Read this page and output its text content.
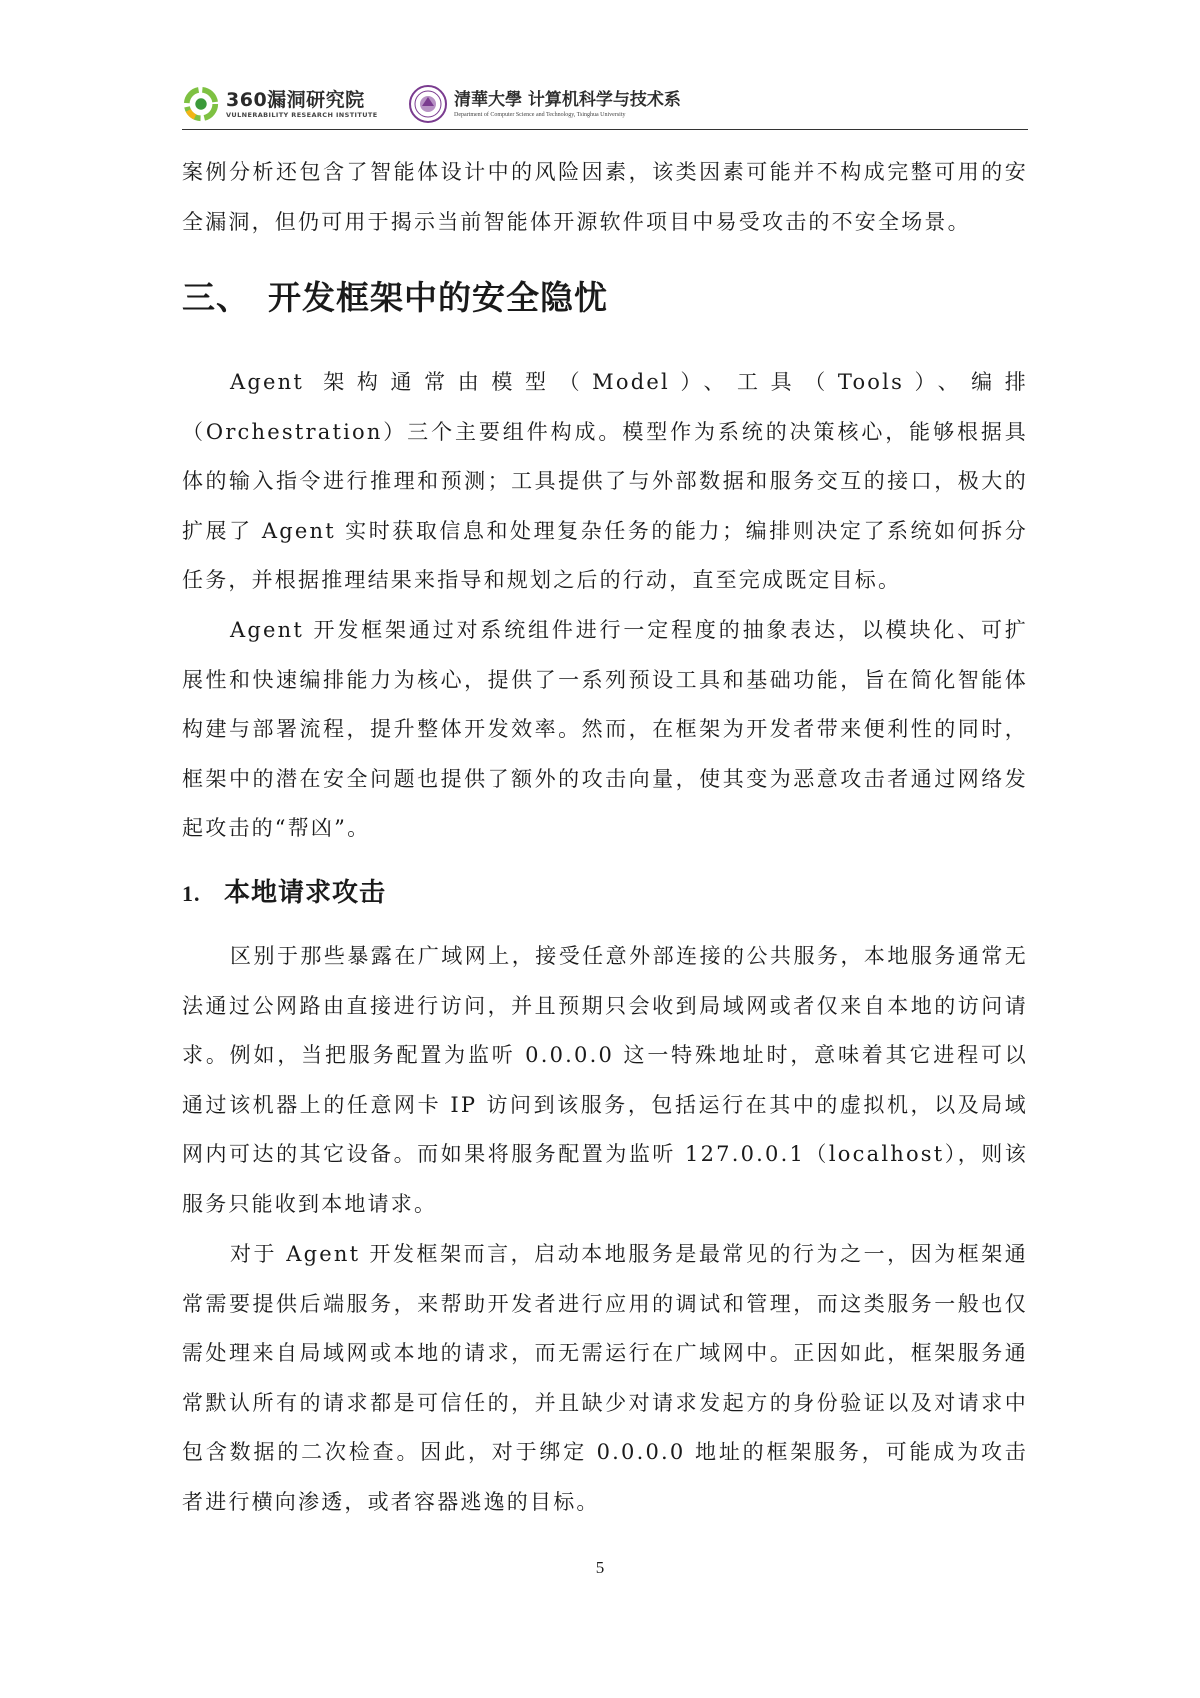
360漏洞研究院
VULNERABILITY RESEARCH INSTITUTE
清華大學 计算机科学与技术系
Department of Computer Science and Technology, Tsinghua University

案例分析还包含了智能体设计中的风险因素，该类因素可能并不构成完整可用的安全漏洞，但仍可用于揭示当前智能体开源软件项目中易受攻击的不安全场景。

三、 开发框架中的安全隐忧

Agent 架构通常由模型（Model）、工具（Tools）、编排（Orchestration）三个主要组件构成。模型作为系统的决策核心，能够根据具体的输入指令进行推理和预测；工具提供了与外部数据和服务交互的接口，极大的扩展了 Agent 实时获取信息和处理复杂任务的能力；编排则决定了系统如何拆分任务，并根据推理结果来指导和规划之后的行动，直至完成既定目标。

Agent 开发框架通过对系统组件进行一定程度的抽象表达，以模块化、可扩展性和快速编排能力为核心，提供了一系列预设工具和基础功能，旨在简化智能体构建与部署流程，提升整体开发效率。然而，在框架为开发者带来便利性的同时，框架中的潜在安全问题也提供了额外的攻击向量，使其变为恶意攻击者通过网络发起攻击的“帮凶”。

1. 本地请求攻击

区别于那些暴露在广域网上，接受任意外部连接的公共服务，本地服务通常无法通过公网路由直接进行访问，并且预期只会收到局域网或者仅来自本地的访问请求。例如，当把服务配置为监听 0.0.0.0 这一特殊地址时，意味着其它进程可以通过该机器上的任意网卡 IP 访问到该服务，包括运行在其中的虚拟机，以及局域网内可达的其它设备。而如果将服务配置为监听 127.0.0.1（localhost），则该服务只能收到本地请求。

对于 Agent 开发框架而言，启动本地服务是最常见的行为之一，因为框架通常需要提供后端服务，来帮助开发者进行应用的调试和管理，而这类服务一般也仅需处理来自局域网或本地的请求，而无需运行在广域网中。正因如此，框架服务通常默认所有的请求都是可信任的，并且缺少对请求发起方的身份验证以及对请求中包含数据的二次检查。因此，对于绑定 0.0.0.0 地址的框架服务，可能成为攻击者进行横向渗透，或者容器逃逸的目标。

5
